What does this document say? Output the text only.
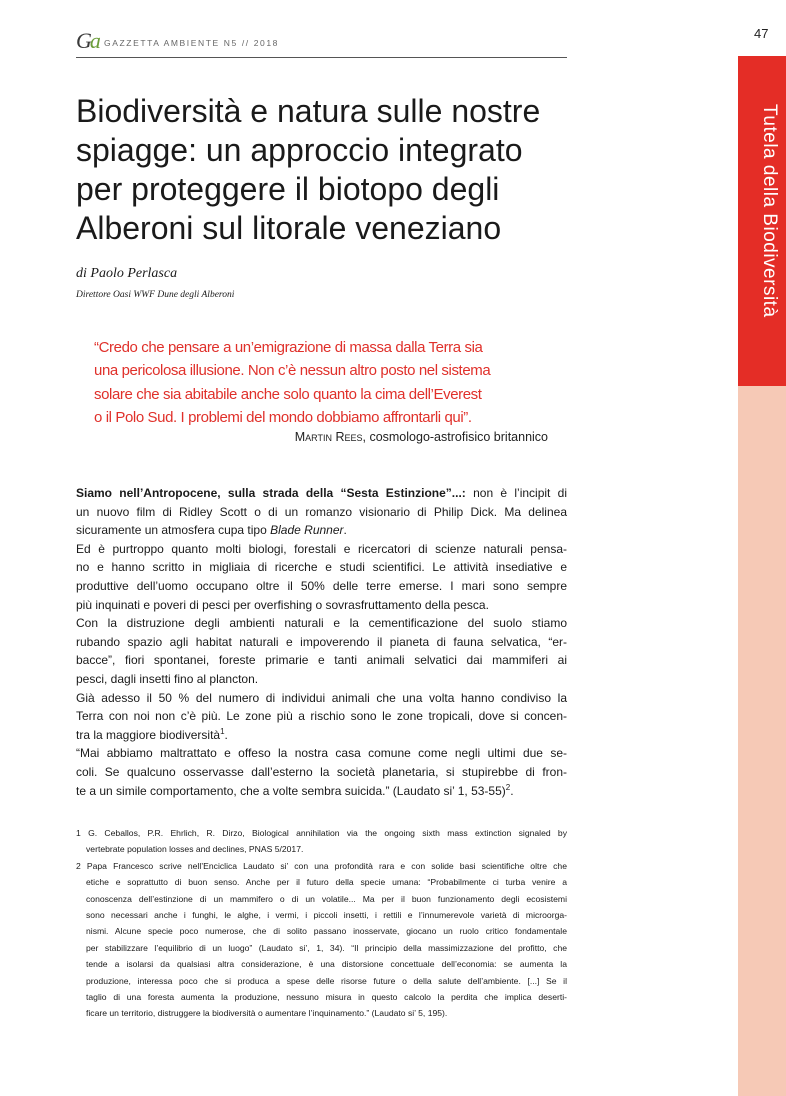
Ga GAZZETTA AMBIENTE N5 // 2018
47
Tutela della Biodiversità
Biodiversità e natura sulle nostre spiagge: un approccio integrato per proteggere il biotopo degli Alberoni sul litorale veneziano
di Paolo Perlasca
Direttore Oasi WWF Dune degli Alberoni
“Credo che pensare a un’emigrazione di massa dalla Terra sia
una pericolosa illusione. Non c’è nessun altro posto nel sistema
solare che sia abitabile anche solo quanto la cima dell’Everest
o il Polo Sud. I problemi del mondo dobbiamo affrontarli qui”.
Martin Rees, cosmologo-astrofisico britannico
Siamo nell’Antropocene, sulla strada della “Sesta Estinzione”...: non è l’incipit di
un nuovo film di Ridley Scott o di un romanzo visionario di Philip Dick. Ma delinea
sicuramente un atmosfera cupa tipo Blade Runner.
Ed è purtroppo quanto molti biologi, forestali e ricercatori di scienze naturali pensa-
no e hanno scritto in migliaia di ricerche e studi scientifici. Le attività insediative e
produttive dell’uomo occupano oltre il 50% delle terre emerse. I mari sono sempre
più inquinati e poveri di pesci per overfishing o sovrasfruttamento della pesca.
Con la distruzione degli ambienti naturali e la cementificazione del suolo stiamo
rubando spazio agli habitat naturali e impoverendo il pianeta di fauna selvatica, “er-
bacce”, fiori spontanei, foreste primarie e tanti animali selvatici dai mammiferi ai
pesci, dagli insetti fino al plancton.
Già adesso il 50 % del numero di individui animali che una volta hanno condiviso la
Terra con noi non c’è più. Le zone più a rischio sono le zone tropicali, dove si concen-
tra la maggiore biodiversità$^1$.
“Mai abbiamo maltrattato e offeso la nostra casa comune come negli ultimi due se-
coli. Se qualcuno osservasse dall’esterno la società planetaria, si stupirebbe di fron-
te a un simile comportamento, che a volte sembra suicida.” (Laudato si’ 1, 53-55)$^2$.
1 G. Ceballos, P.R. Ehrlich, R. Dirzo, Biological annihilation via the ongoing sixth mass extinction signaled by
vertebrate population losses and declines, PNAS 5/2017.
2 Papa Francesco scrive nell’Enciclica Laudato si’ con una profondità rara e con solide basi scientifiche oltre che
etiche e soprattutto di buon senso. Anche per il futuro della specie umana: “Probabilmente ci turba venire a
conoscenza dell’estinzione di un mammifero o di un volatile... Ma per il buon funzionamento degli ecosistemi
sono necessari anche i funghi, le alghe, i vermi, i piccoli insetti, i rettili e l’innumerevole varietà di microorga-
nismi. Alcune specie poco numerose, che di solito passano inosservate, giocano un ruolo critico fondamentale
per stabilizzare l’equilibrio di un luogo” (Laudato si’, 1, 34). “Il principio della massimizzazione del profitto, che
tende a isolarsi da qualsiasi altra considerazione, è una distorsione concettuale dell’economia: se aumenta la
produzione, interessa poco che si produca a spese delle risorse future o della salute dell’ambiente. [...] Se il
taglio di una foresta aumenta la produzione, nessuno misura in questo calcolo la perdita che implica deserti-
ficare un territorio, distruggere la biodiversità o aumentare l’inquinamento.” (Laudato si’ 5, 195).
